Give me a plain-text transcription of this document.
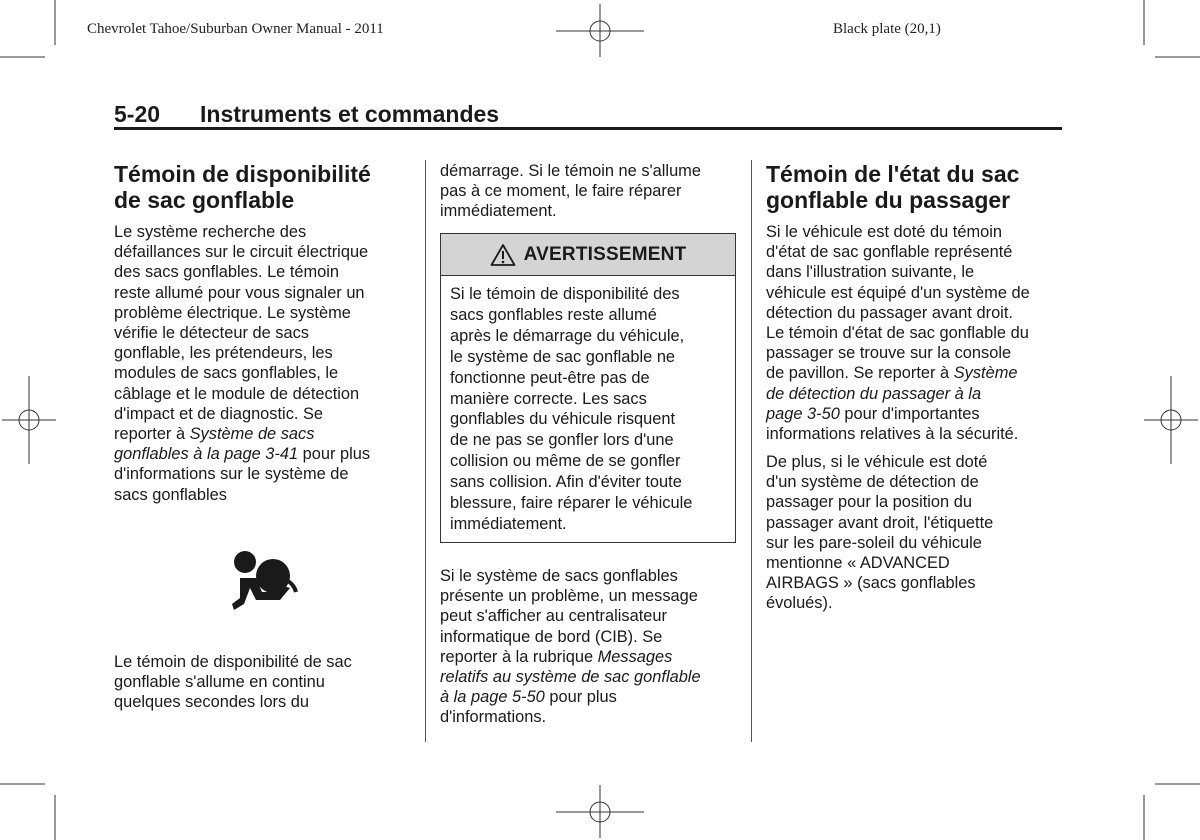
Chevrolet Tahoe/Suburban Owner Manual - 2011	Black plate (20,1)
5-20 Instruments et commandes
Témoin de disponibilité
de sac gonflable

Le système recherche des
défaillances sur le circuit électrique
des sacs gonflables. Le témoin
reste allumé pour vous signaler un
problème électrique. Le système
vérifie le détecteur de sacs
gonflable, les prétendeurs, les
modules de sacs gonflables, le
câblage et le module de détection
d'impact et de diagnostic. Se
reporter à Système de sacs
gonflables à la page 3-41 pour plus
d'informations sur le système de
sacs gonflables

Le témoin de disponibilité de sac
gonflable s'allume en continu
quelques secondes lors du

démarrage. Si le témoin ne s'allume
pas à ce moment, le faire réparer
immédiatement.

AVERTISSEMENT

Si le témoin de disponibilité des
sacs gonflables reste allumé
après le démarrage du véhicule,
le système de sac gonflable ne
fonctionne peut-être pas de
manière correcte. Les sacs
gonflables du véhicule risquent
de ne pas se gonfler lors d'une
collision ou même de se gonfler
sans collision. Afin d'éviter toute
blessure, faire réparer le véhicule
immédiatement.

Si le système de sacs gonflables
présente un problème, un message
peut s'afficher au centralisateur
informatique de bord (CIB). Se
reporter à la rubrique Messages
relatifs au système de sac gonflable
à la page 5-50 pour plus
d'informations.

Témoin de l'état du sac
gonflable du passager

Si le véhicule est doté du témoin
d'état de sac gonflable représenté
dans l'illustration suivante, le
véhicule est équipé d'un système de
détection du passager avant droit.
Le témoin d'état de sac gonflable du
passager se trouve sur la console
de pavillon. Se reporter à Système
de détection du passager à la
page 3-50 pour d'importantes
informations relatives à la sécurité.

De plus, si le véhicule est doté
d'un système de détection de
passager pour la position du
passager avant droit, l'étiquette
sur les pare-soleil du véhicule
mentionne « ADVANCED
AIRBAGS » (sacs gonflables
évolués).
